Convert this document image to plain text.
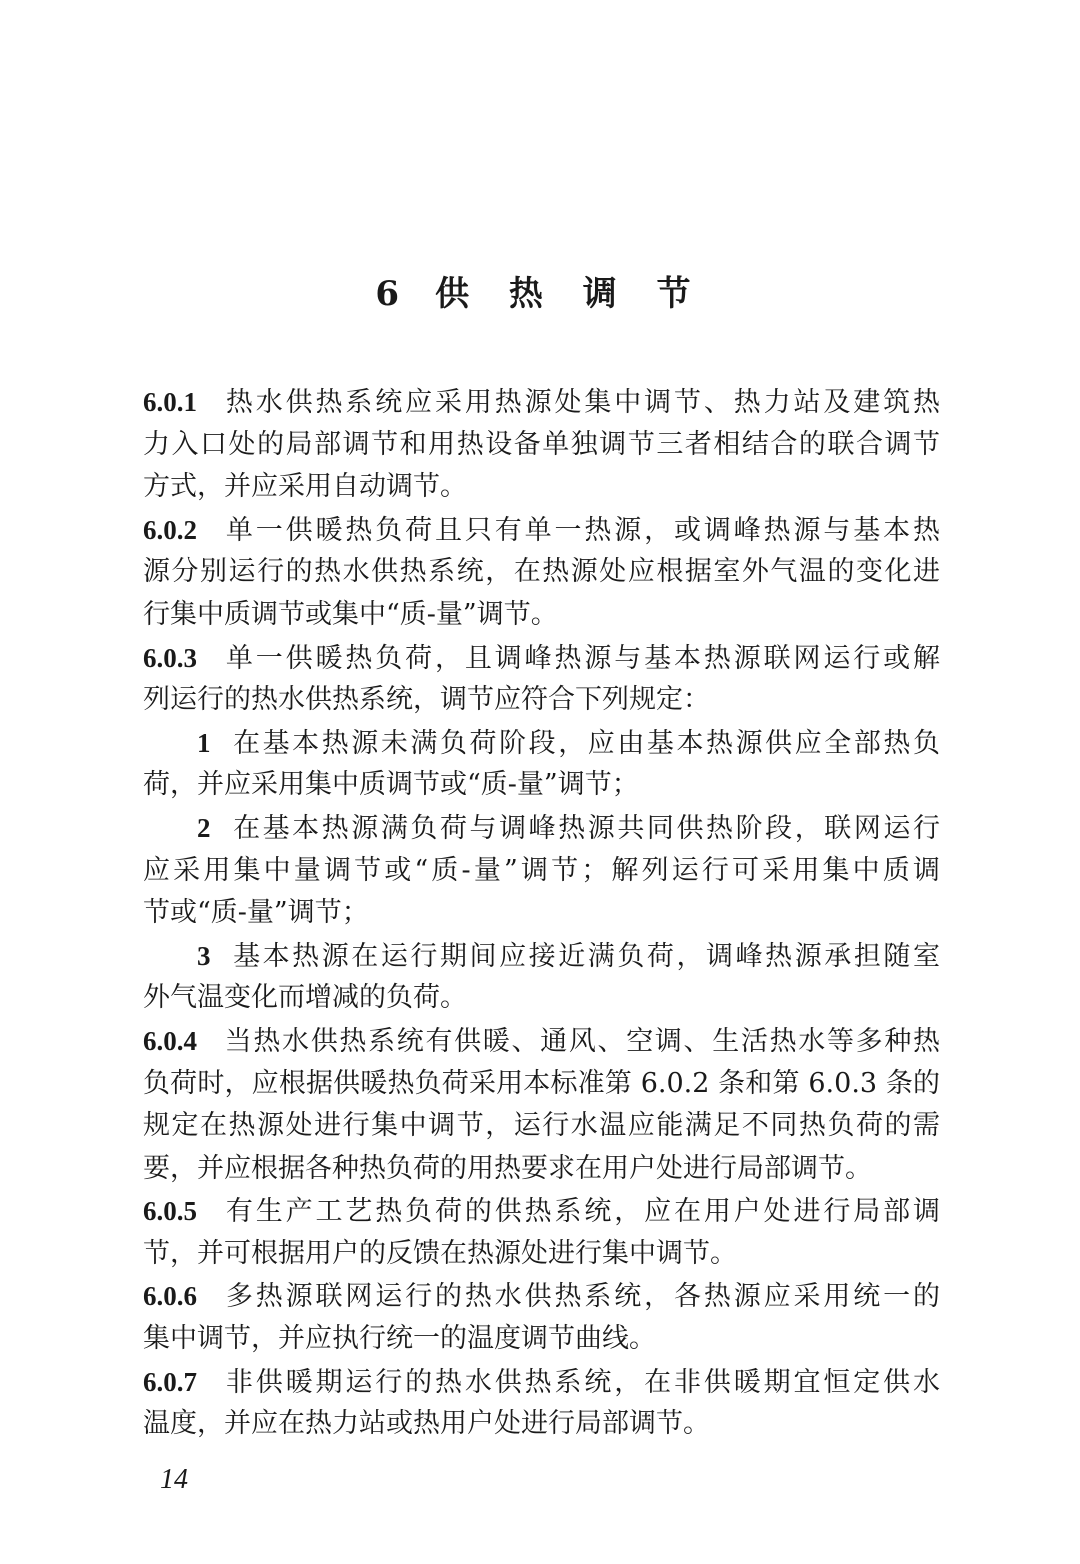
6 供 热 调 节
6.0.1 热水供热系统应采用热源处集中调节、热力站及建筑热
力入口处的局部调节和用热设备单独调节三者相结合的联合调节
方式，并应采用自动调节。
6.0.2 单一供暖热负荷且只有单一热源，或调峰热源与基本热
源分别运行的热水供热系统，在热源处应根据室外气温的变化进
行集中质调节或集中“质-量”调节。
6.0.3 单一供暖热负荷，且调峰热源与基本热源联网运行或解
列运行的热水供热系统，调节应符合下列规定：
1 在基本热源未满负荷阶段，应由基本热源供应全部热负
荷，并应采用集中质调节或“质-量”调节；
2 在基本热源满负荷与调峰热源共同供热阶段，联网运行
应采用集中量调节或“质-量”调节；解列运行可采用集中质调
节或“质-量”调节；
3 基本热源在运行期间应接近满负荷，调峰热源承担随室
外气温变化而增减的负荷。
6.0.4 当热水供热系统有供暖、通风、空调、生活热水等多种热
负荷时，应根据供暖热负荷采用本标准第 6.0.2 条和第 6.0.3 条的
规定在热源处进行集中调节，运行水温应能满足不同热负荷的需
要，并应根据各种热负荷的用热要求在用户处进行局部调节。
6.0.5 有生产工艺热负荷的供热系统，应在用户处进行局部调
节，并可根据用户的反馈在热源处进行集中调节。
6.0.6 多热源联网运行的热水供热系统，各热源应采用统一的
集中调节，并应执行统一的温度调节曲线。
6.0.7 非供暖期运行的热水供热系统，在非供暖期宜恒定供水
温度，并应在热力站或热用户处进行局部调节。
14
